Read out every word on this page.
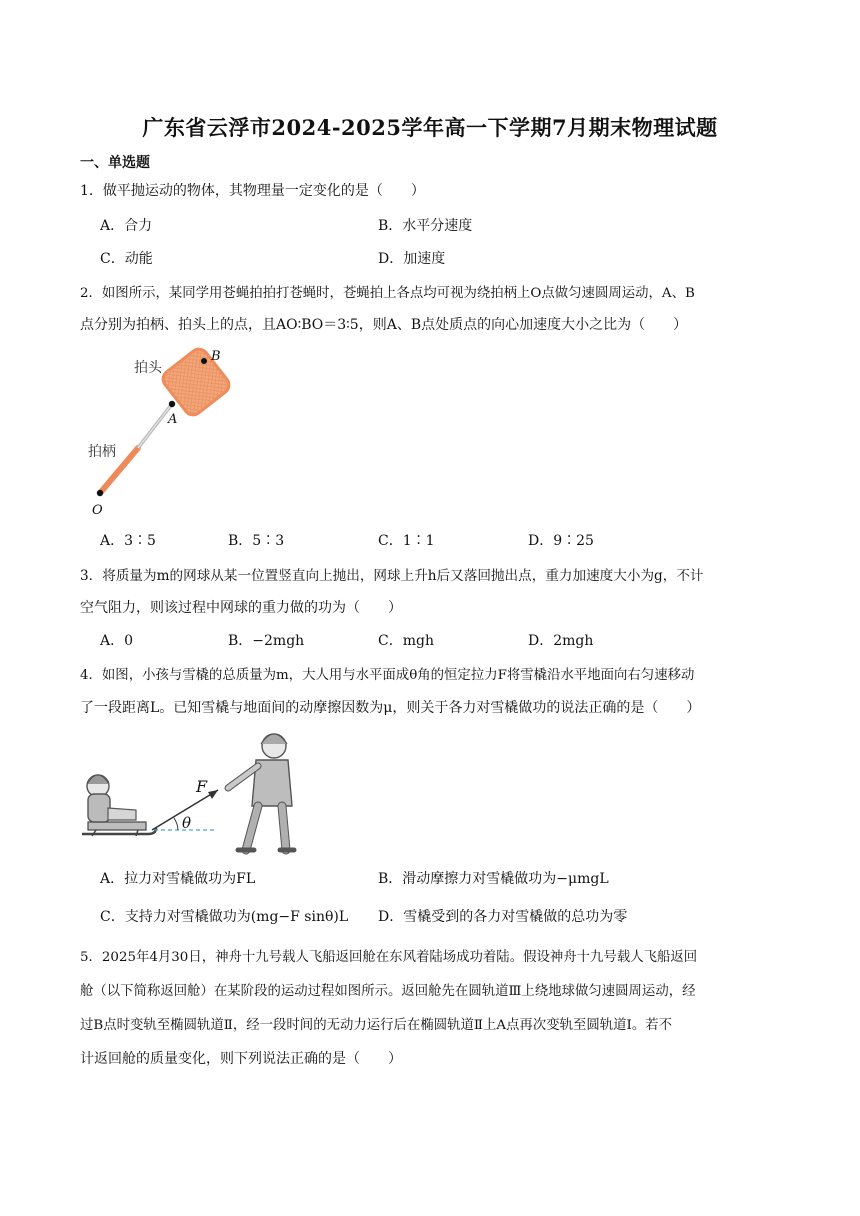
广东省云浮市2024-2025学年高一下学期7月期末物理试题
一、单选题
1．做平抛运动的物体，其物理量一定变化的是（　　）
A．合力	B．水平分速度
C．动能	D．加速度
2．如图所示，某同学用苍蝇拍拍打苍蝇时，苍蝇拍上各点均可视为绕拍柄上O点做匀速圆周运动，A、B
点分别为拍柄、拍头上的点，且AO∶BO＝3∶5，则A、B点处质点的向心加速度大小之比为（　　）
拍头
拍柄
B
A
O
A．3∶5	B．5∶3	C．1∶1	D．9∶25
3．将质量为m的网球从某一位置竖直向上抛出，网球上升h后又落回抛出点，重力加速度大小为g，不计
空气阻力，则该过程中网球的重力做的功为（　　）
A．0	B．−2mgh	C．mgh	D．2mgh
4．如图，小孩与雪橇的总质量为m，大人用与水平面成θ角的恒定拉力F将雪橇沿水平地面向右匀速移动
了一段距离L。已知雪橇与地面间的动摩擦因数为μ，则关于各力对雪橇做功的说法正确的是（　　）
F
θ
A．拉力对雪橇做功为FL	B．滑动摩擦力对雪橇做功为−μmgL
C．支持力对雪橇做功为(mg−F sinθ)L D．雪橇受到的各力对雪橇做的总功为零
5．2025年4月30日，神舟十九号载人飞船返回舱在东风着陆场成功着陆。假设神舟十九号载人飞船返回
舱（以下简称返回舱）在某阶段的运动过程如图所示。返回舱先在圆轨道Ⅲ上绕地球做匀速圆周运动，经
过B点时变轨至椭圆轨道Ⅱ，经一段时间的无动力运行后在椭圆轨道Ⅱ上A点再次变轨至圆轨道Ⅰ。若不
计返回舱的质量变化，则下列说法正确的是（　　）
